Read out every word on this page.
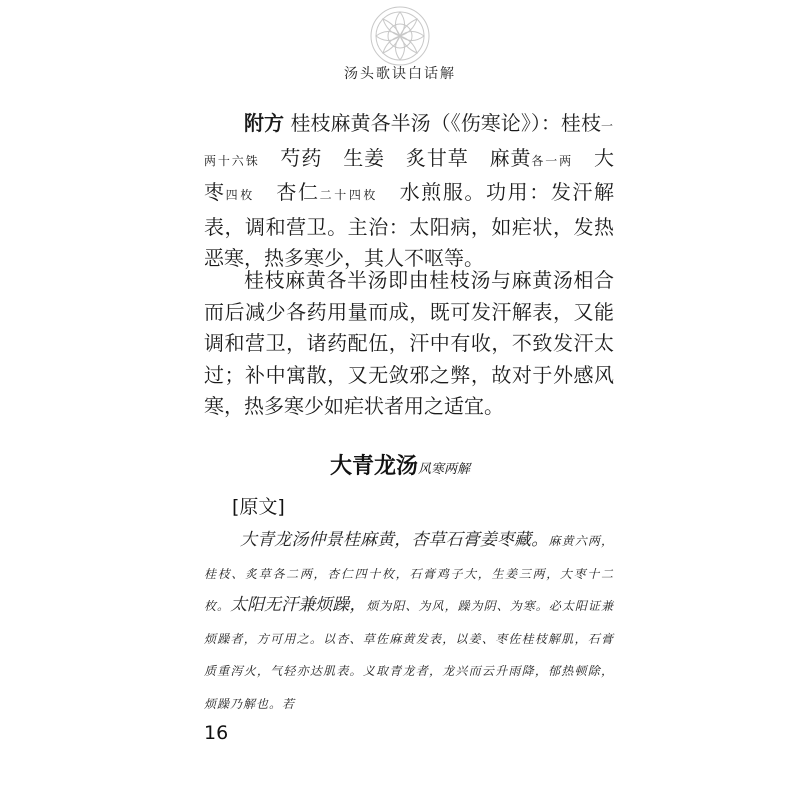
汤头歌诀白话解

附方 桂枝麻黄各半汤（《伤寒论》）：桂枝一两十六铢　 芍药　生姜　炙甘草　麻黄各一两　 大枣四枚　 杏仁二十四枚　 水煎服。功用：发汗解表，调和营卫。主治：太阳病，如疟状，发热恶寒，热多寒少，其人不呕等。

桂枝麻黄各半汤即由桂枝汤与麻黄汤相合而后减少各药用量而成，既可发汗解表，又能调和营卫，诸药配伍，汗中有收，不致发汗太过；补中寓散，又无敛邪之弊，故对于外感风寒，热多寒少如疟状者用之适宜。

大青龙汤风寒两解
[原文]

大青龙汤仲景桂麻黄，杏草石膏姜枣藏。麻黄六两，桂枝、炙草各二两，杏仁四十枚，石膏鸡子大，生姜三两，大枣十二枚。太阳无汗兼烦躁，烦为阳、为风，躁为阴、为寒。必太阳证兼烦躁者，方可用之。以杏、草佐麻黄发表，以姜、枣佐桂枝解肌，石膏质重泻火，气轻亦达肌表。义取青龙者，龙兴而云升雨降，郁热顿除，烦躁乃解也。若

16
